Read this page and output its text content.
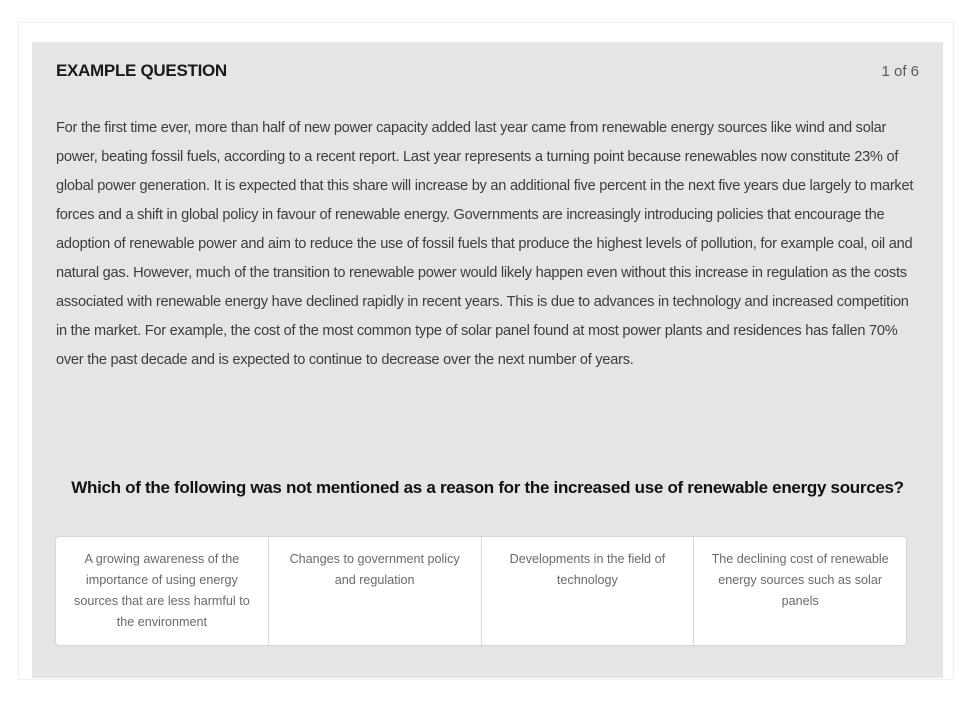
EXAMPLE QUESTION	1 of 6

For the first time ever, more than half of new power capacity added last year came from renewable energy sources like wind and solar power, beating fossil fuels, according to a recent report. Last year represents a turning point because renewables now constitute 23% of global power generation. It is expected that this share will increase by an additional five percent in the next five years due largely to market forces and a shift in global policy in favour of renewable energy. Governments are increasingly introducing policies that encourage the adoption of renewable power and aim to reduce the use of fossil fuels that produce the highest levels of pollution, for example coal, oil and natural gas. However, much of the transition to renewable power would likely happen even without this increase in regulation as the costs associated with renewable energy have declined rapidly in recent years. This is due to advances in technology and increased competition in the market. For example, the cost of the most common type of solar panel found at most power plants and residences has fallen 70% over the past decade and is expected to continue to decrease over the next number of years.

Which of the following was not mentioned as a reason for the increased use of renewable energy sources?
A growing awareness of the importance of using energy sources that are less harmful to the environment
Changes to government policy and regulation
Developments in the field of technology
The declining cost of renewable energy sources such as solar panels
